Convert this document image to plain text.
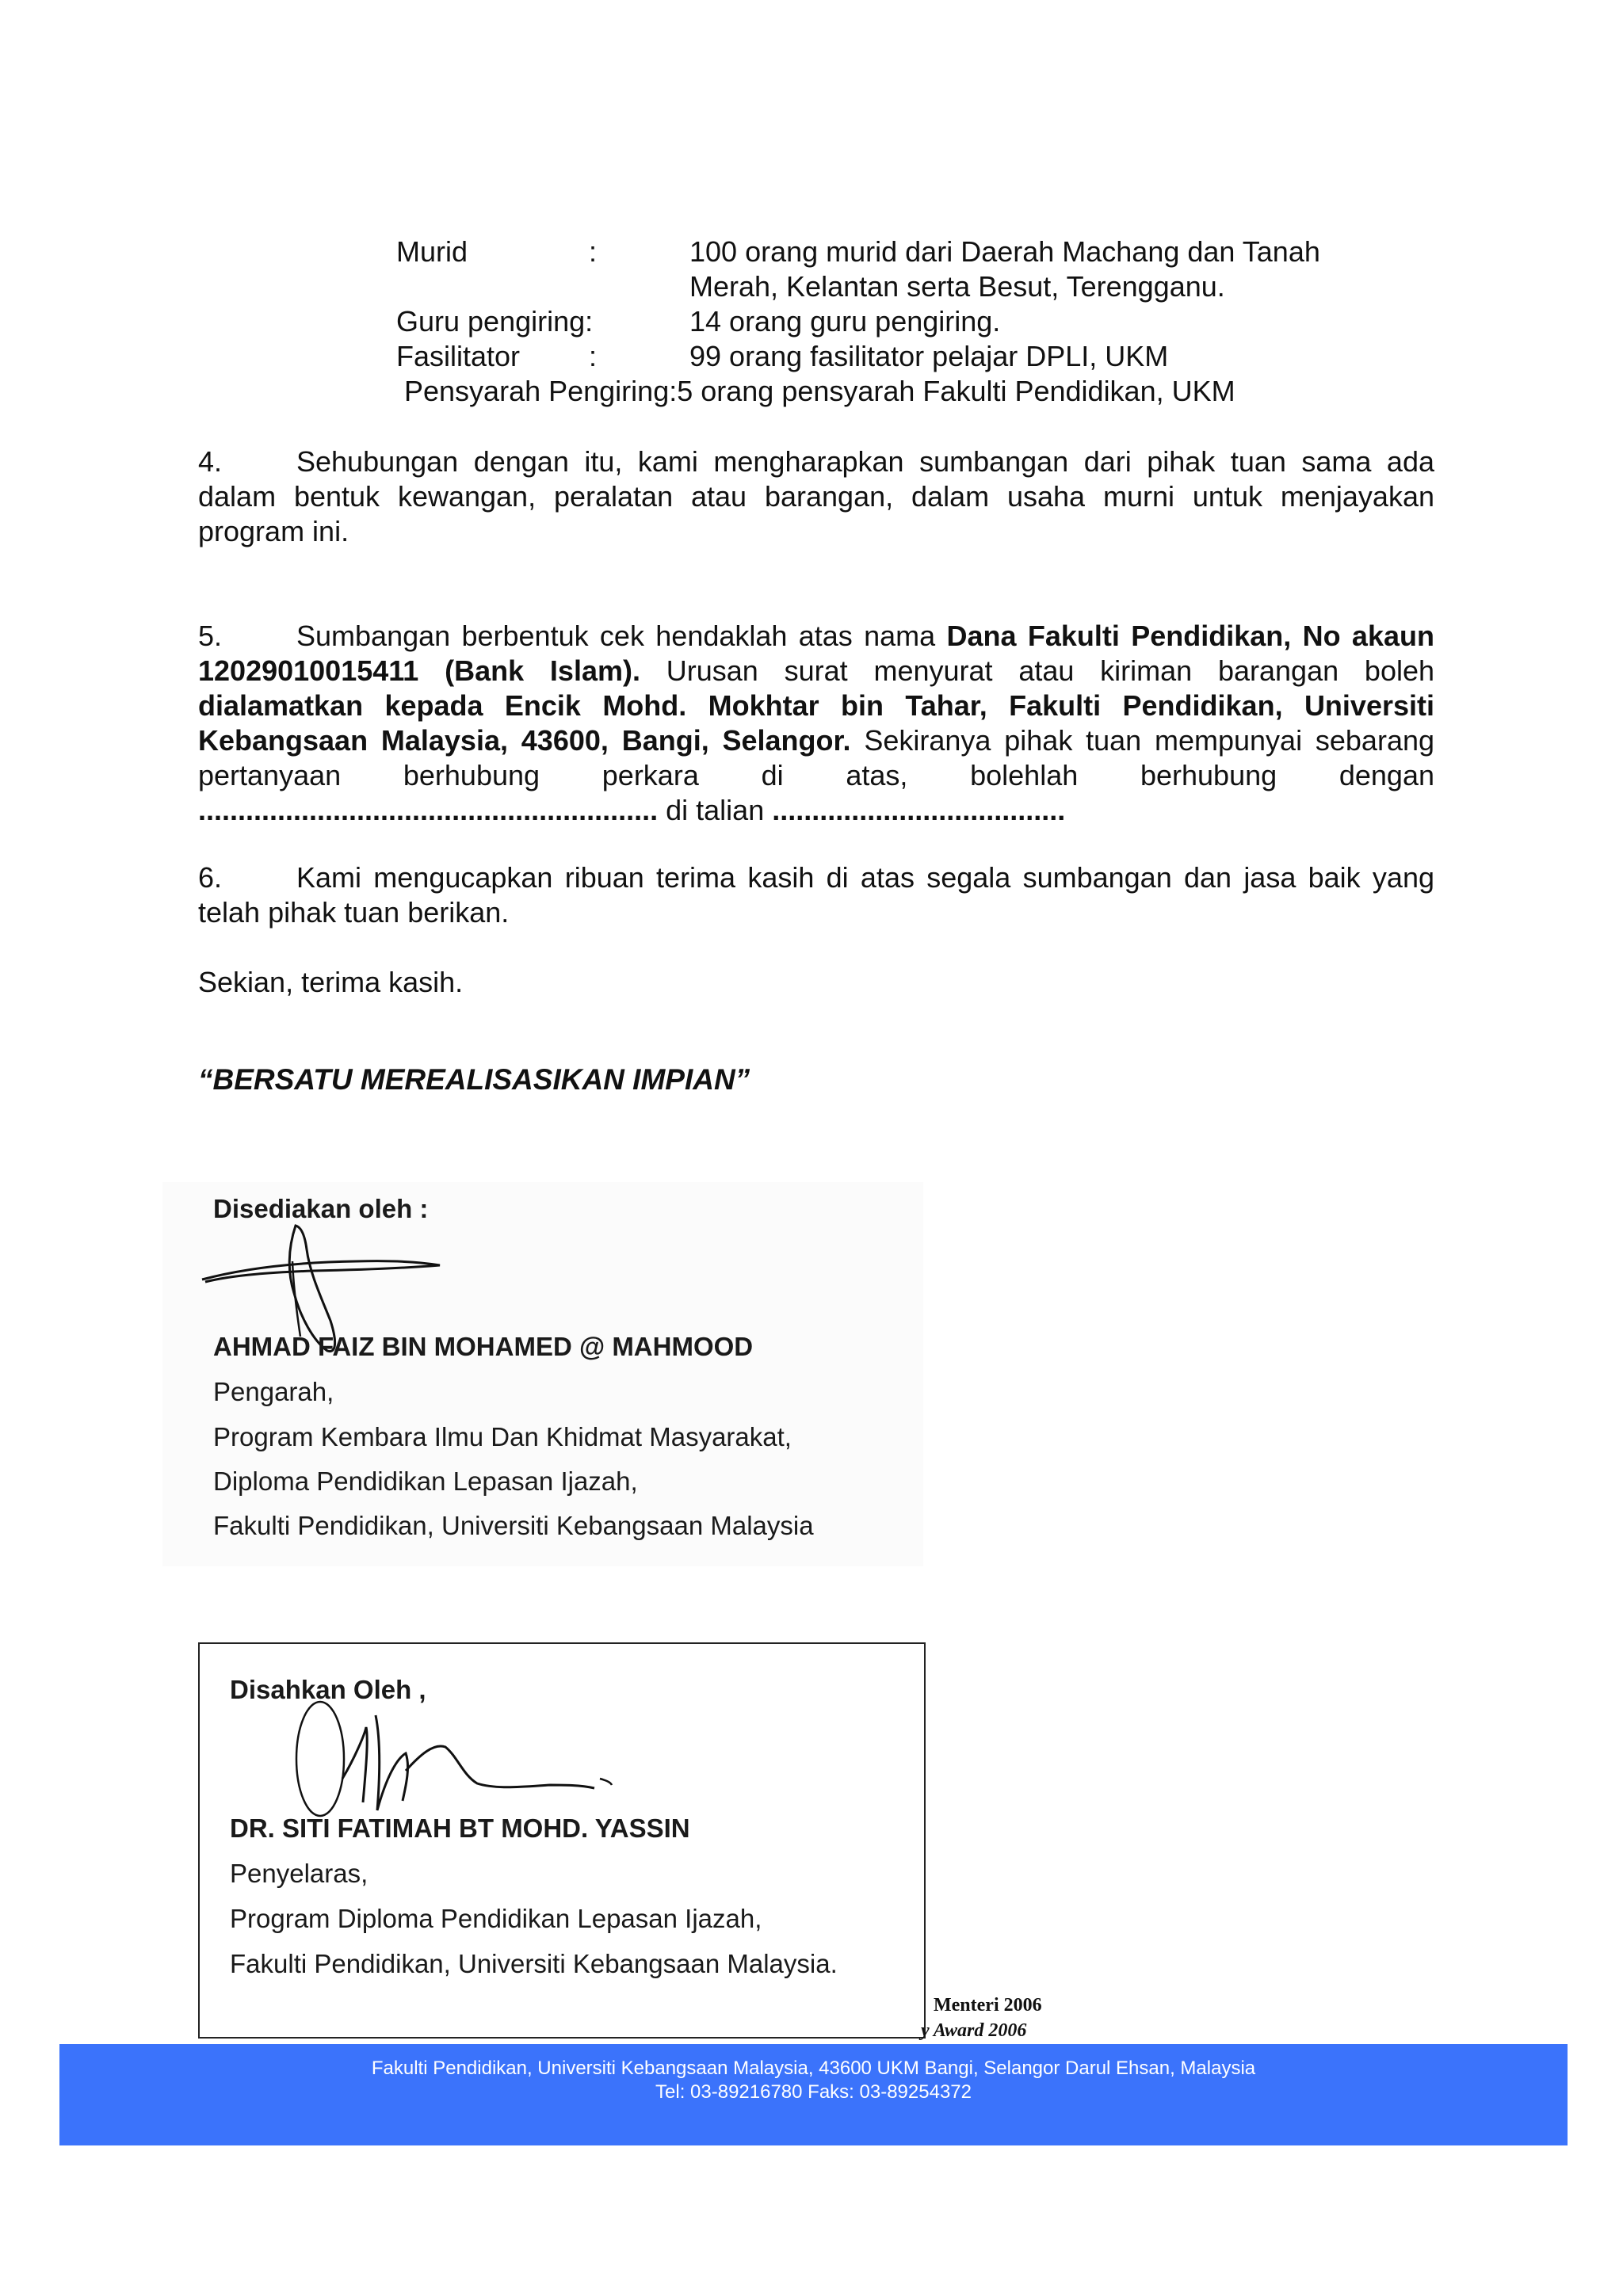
Murid	:	100 orang murid dari Daerah Machang dan Tanah
Merah, Kelantan serta Besut, Terengganu.
Guru pengiring:	14 orang guru pengiring.
Fasilitator :	99 orang fasilitator pelajar DPLI, UKM
Pensyarah Pengiring:5 orang pensyarah Fakulti Pendidikan, UKM
4.	Sehubungan dengan itu, kami mengharapkan sumbangan dari pihak tuan sama ada dalam bentuk kewangan, peralatan atau barangan, dalam usaha murni untuk menjayakan program ini.
5.	Sumbangan berbentuk cek hendaklah atas nama Dana Fakulti Pendidikan, No akaun 12029010015411 (Bank Islam). Urusan surat menyurat atau kiriman barangan boleh dialamatkan kepada Encik Mohd. Mokhtar bin Tahar, Fakulti Pendidikan, Universiti Kebangsaan Malaysia, 43600, Bangi, Selangor. Sekiranya pihak tuan mempunyai sebarang pertanyaan berhubung perkara di atas, bolehlah berhubung dengan .......................................................... di talian .....................................
6.	Kami mengucapkan ribuan terima kasih di atas segala sumbangan dan jasa baik yang telah pihak tuan berikan.
Sekian, terima kasih.
“BERSATU MEREALISASIKAN IMPIAN”
Disediakan oleh :
AHMAD FAIZ BIN MOHAMED @ MAHMOOD
Pengarah,
Program Kembara Ilmu Dan Khidmat Masyarakat,
Diploma Pendidikan Lepasan Ijazah,
Fakulti Pendidikan, Universiti Kebangsaan Malaysia
Disahkan Oleh ,
DR. SITI FATIMAH BT MOHD. YASSIN
Penyelaras,
Program Diploma Pendidikan Lepasan Ijazah,
Fakulti Pendidikan, Universiti Kebangsaan Malaysia.
Menteri 2006
y Award 2006
Fakulti Pendidikan, Universiti Kebangsaan Malaysia, 43600 UKM Bangi, Selangor Darul Ehsan, Malaysia
Tel: 03-89216780 Faks: 03-89254372
